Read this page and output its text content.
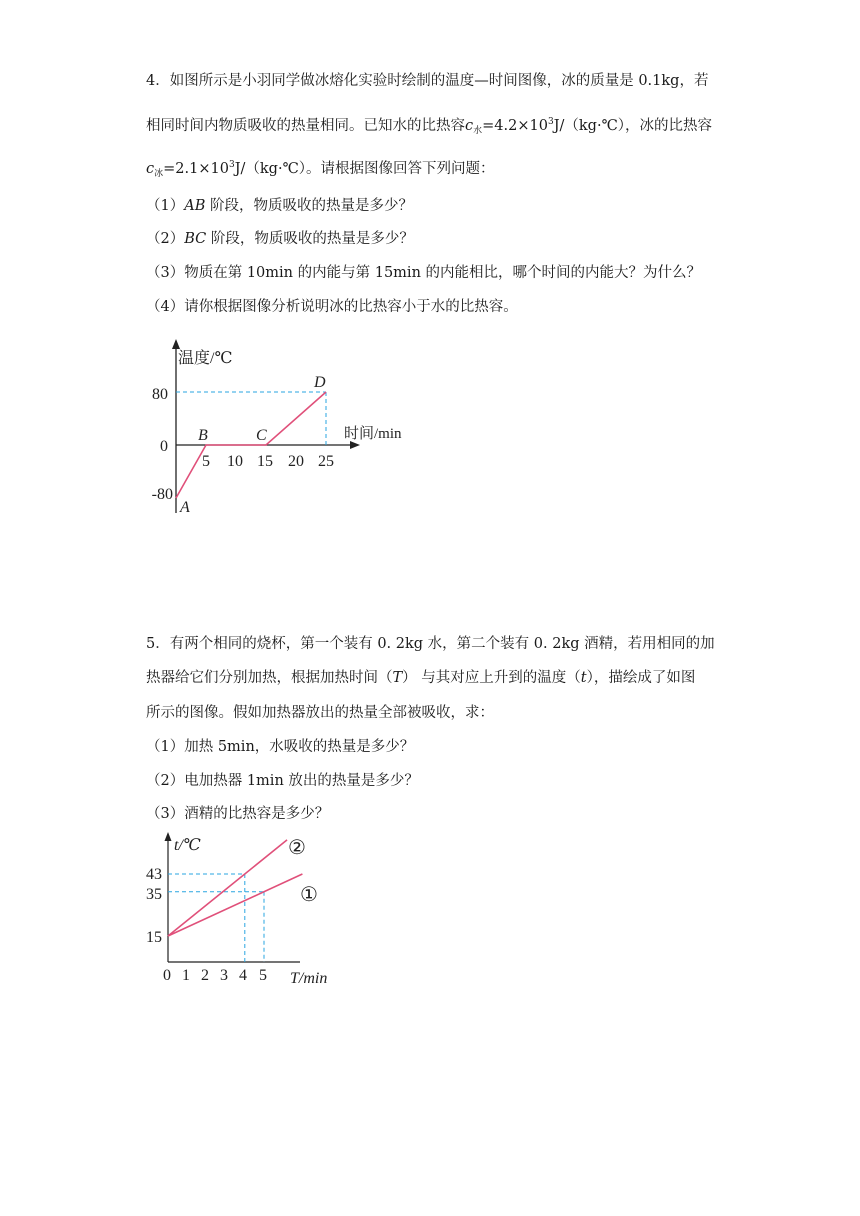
4．如图所示是小羽同学做冰熔化实验时绘制的温度—时间图像，冰的质量是 0.1kg，若
相同时间内物质吸收的热量相同。已知水的比热容$c_水=4.2\times 10^3J/(kg\cdot℃)$，冰的比热容
$c_冰=2.1\times 10^3J/(kg\cdot℃)$。请根据图像回答下列问题：
（1）AB 阶段，物质吸收的热量是多少？
（2）BC 阶段，物质吸收的热量是多少？
（3）物质在第 10min 的内能与第 15min 的内能相比，哪个时间的内能大？为什么？
（4）请你根据图像分析说明冰的比热容小于水的比热容。
温度/℃
时间/min
80
0
-80
5 10 15 20 25
A
B	C
D
5．有两个相同的烧杯，第一个装有 0. 2kg 水，第二个装有 0. 2kg 酒精，若用相同的加
热器给它们分别加热，根据加热时间（T） 与其对应上升到的温度（t），描绘成了如图
所示的图像。假如加热器放出的热量全部被吸收，求：
（1）加热 5min，水吸收的热量是多少？
（2）电加热器 1min 放出的热量是多少？
（3）酒精的比热容是多少？
t/℃
T/min
43
35
15
0 1 2 3 4 5
②
①
